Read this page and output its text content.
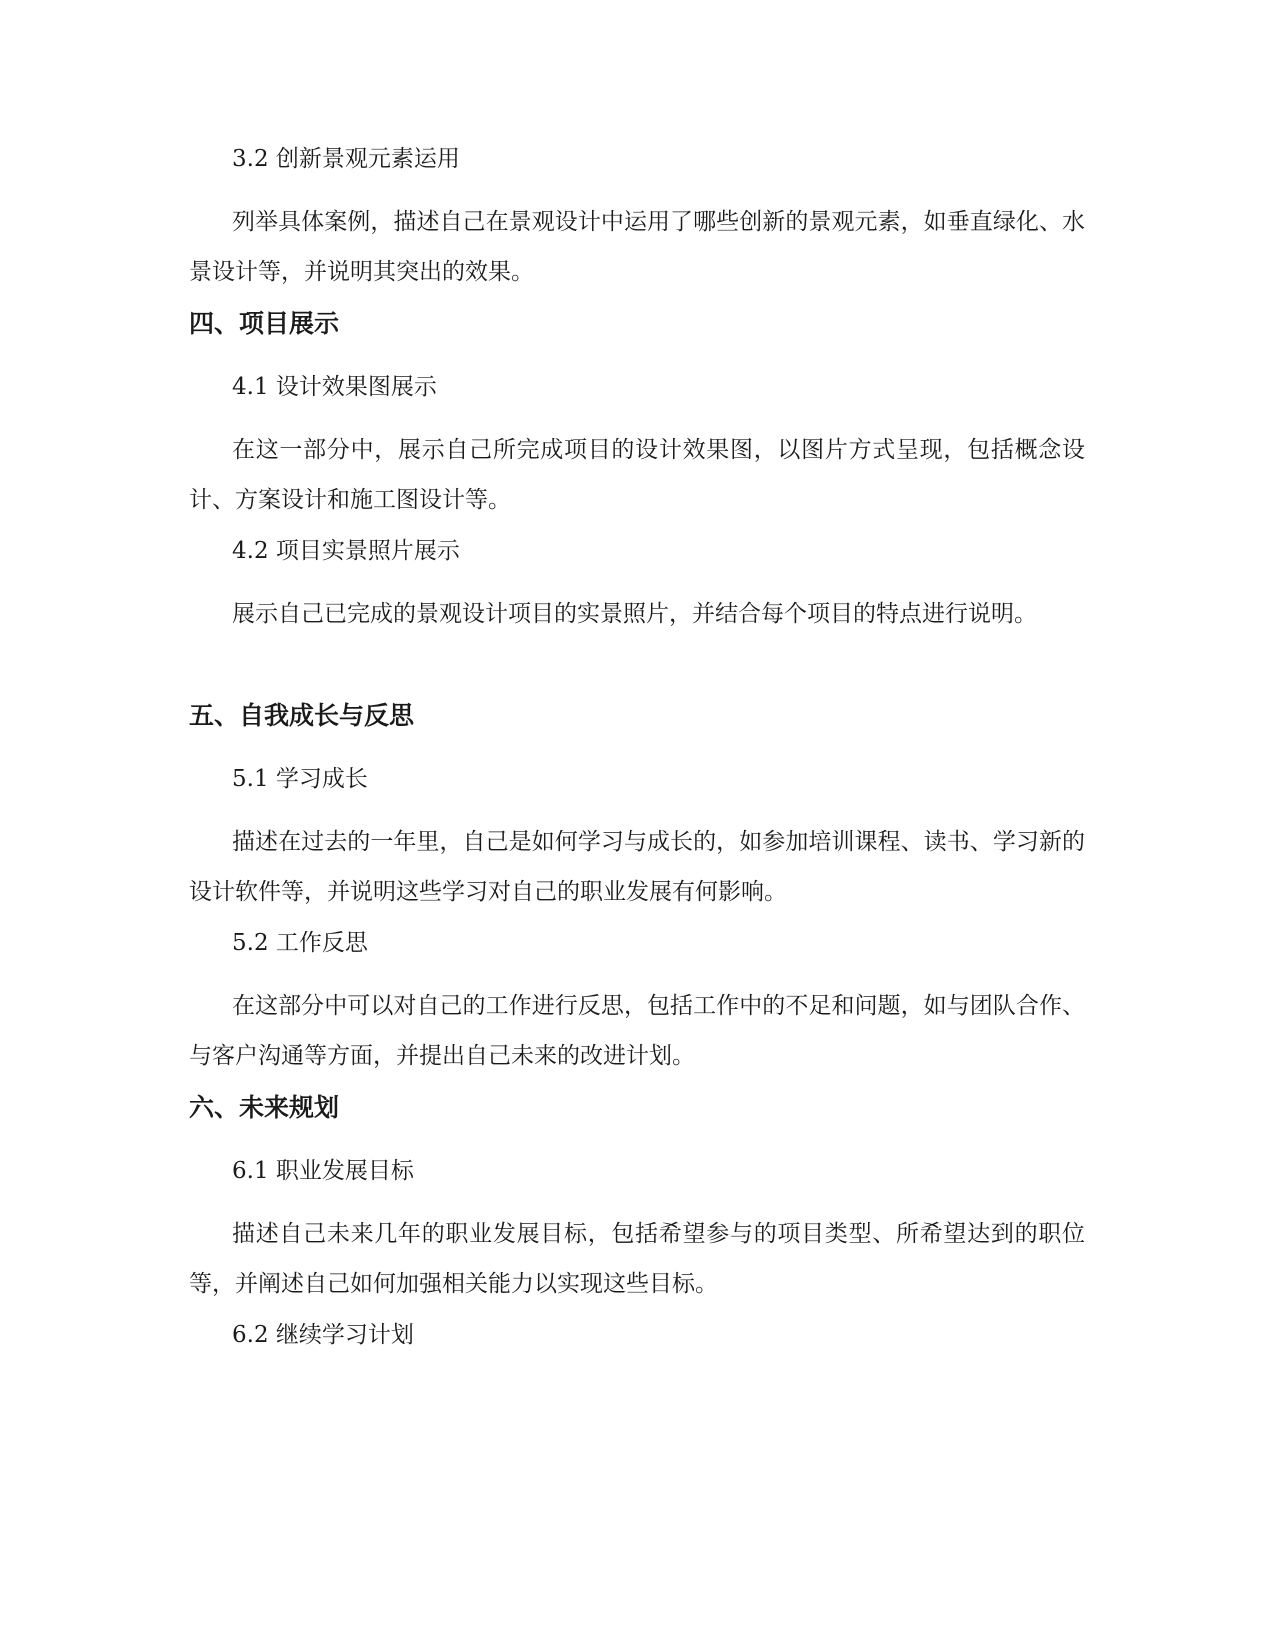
3.2 创新景观元素运用

列举具体案例，描述自己在景观设计中运用了哪些创新的景观元素，如垂直绿化、水景设计等，并说明其突出的效果。

四、项目展示
4.1 设计效果图展示

在这一部分中，展示自己所完成项目的设计效果图，以图片方式呈现，包括概念设计、方案设计和施工图设计等。

4.2 项目实景照片展示

展示自己已完成的景观设计项目的实景照片，并结合每个项目的特点进行说明。

五、自我成长与反思
5.1 学习成长

描述在过去的一年里，自己是如何学习与成长的，如参加培训课程、读书、学习新的设计软件等，并说明这些学习对自己的职业发展有何影响。

5.2 工作反思

在这部分中可以对自己的工作进行反思，包括工作中的不足和问题，如与团队合作、与客户沟通等方面，并提出自己未来的改进计划。

六、未来规划
6.1 职业发展目标

描述自己未来几年的职业发展目标，包括希望参与的项目类型、所希望达到的职位等，并阐述自己如何加强相关能力以实现这些目标。

6.2 继续学习计划
